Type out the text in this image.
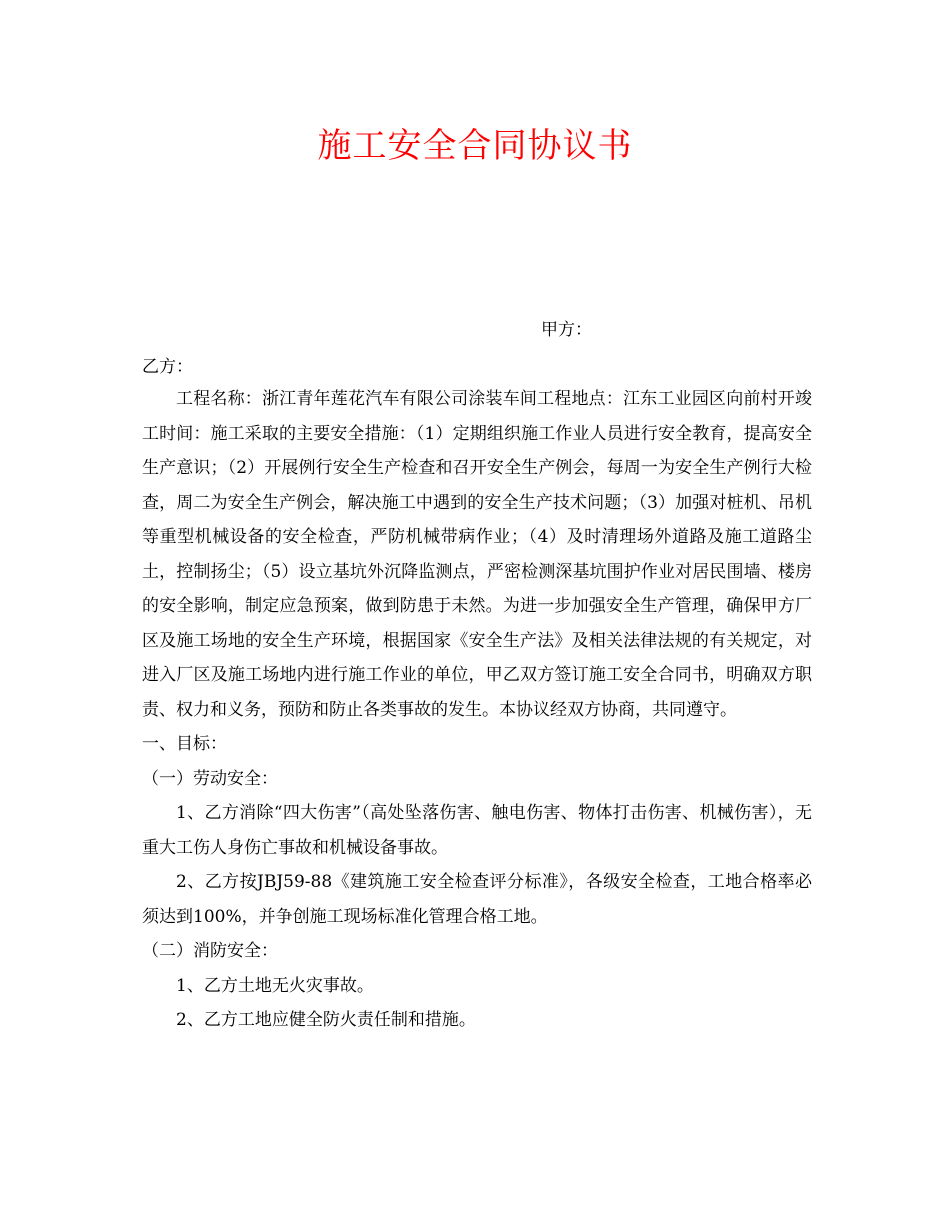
施工安全合同协议书
甲方：
乙方：

工程名称：浙江青年莲花汽车有限公司涂装车间工程地点：江东工业园区向前村开竣工时间：施工采取的主要安全措施：（1）定期组织施工作业人员进行安全教育，提高安全生产意识；（2）开展例行安全生产检查和召开安全生产例会，每周一为安全生产例行大检查，周二为安全生产例会，解决施工中遇到的安全生产技术问题；（3）加强对桩机、吊机等重型机械设备的安全检查，严防机械带病作业；（4）及时清理场外道路及施工道路尘土，控制扬尘；（5）设立基坑外沉降监测点，严密检测深基坑围护作业对居民围墙、楼房的安全影响，制定应急预案，做到防患于未然。为进一步加强安全生产管理，确保甲方厂区及施工场地的安全生产环境，根据国家《安全生产法》及相关法律法规的有关规定，对进入厂区及施工场地内进行施工作业的单位，甲乙双方签订施工安全合同书，明确双方职责、权力和义务，预防和防止各类事故的发生。本协议经双方协商，共同遵守。

一、目标：

（一）劳动安全：

1、乙方消除“四大伤害”（高处坠落伤害、触电伤害、物体打击伤害、机械伤害），无重大工伤人身伤亡事故和机械设备事故。

2、乙方按JBJ59-88《建筑施工安全检查评分标准》，各级安全检查，工地合格率必须达到100%，并争创施工现场标准化管理合格工地。

（二）消防安全：

1、乙方土地无火灾事故。

2、乙方工地应健全防火责任制和措施。
